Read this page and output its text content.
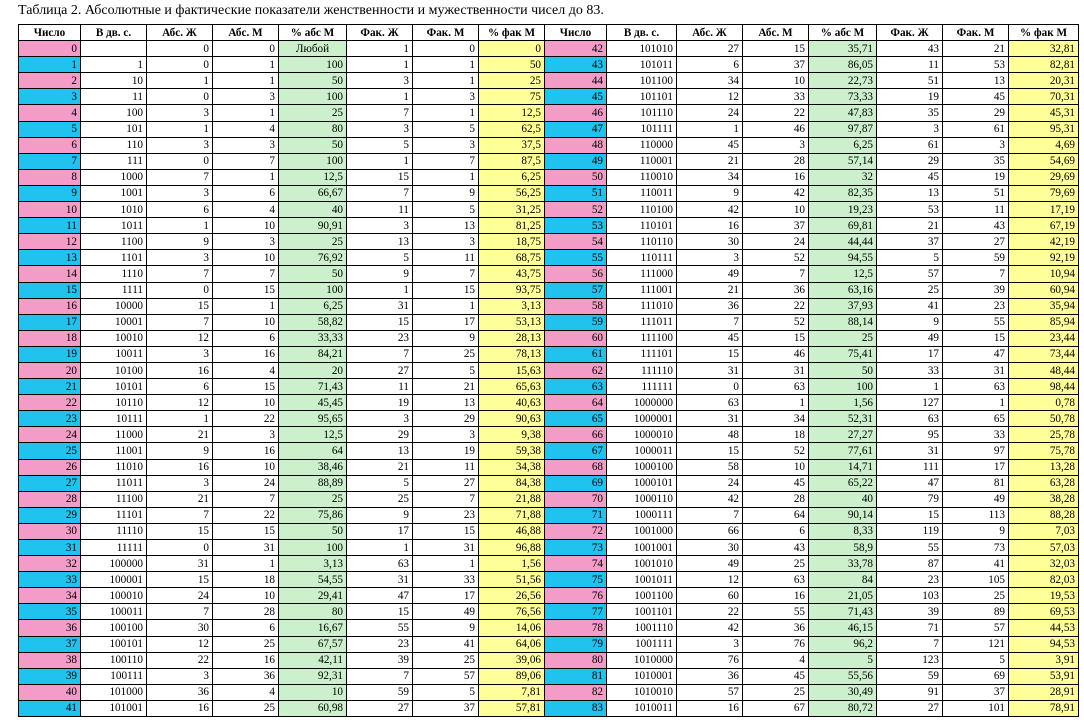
Таблица 2. Абсолютные и фактические показатели женственности и мужественности чисел до 83.
Число	В дв. с.	Абс. Ж	Абс. М	% абс М	Фак. Ж	Фак. М	% фак М	Число	В дв. с.	Абс. Ж	Абс. М	% абс М	Фак. Ж	Фак. М	% фак М
0		0	0	Любой	1	0	0	42	101010	27	15	35,71	43	21	32,81
1	1	0	1	100	1	1	50	43	101011	6	37	86,05	11	53	82,81
2	10	1	1	50	3	1	25	44	101100	34	10	22,73	51	13	20,31
3	11	0	3	100	1	3	75	45	101101	12	33	73,33	19	45	70,31
4	100	3	1	25	7	1	12,5	46	101110	24	22	47,83	35	29	45,31
5	101	1	4	80	3	5	62,5	47	101111	1	46	97,87	3	61	95,31
6	110	3	3	50	5	3	37,5	48	110000	45	3	6,25	61	3	4,69
7	111	0	7	100	1	7	87,5	49	110001	21	28	57,14	29	35	54,69
8	1000	7	1	12,5	15	1	6,25	50	110010	34	16	32	45	19	29,69
9	1001	3	6	66,67	7	9	56,25	51	110011	9	42	82,35	13	51	79,69
10	1010	6	4	40	11	5	31,25	52	110100	42	10	19,23	53	11	17,19
11	1011	1	10	90,91	3	13	81,25	53	110101	16	37	69,81	21	43	67,19
12	1100	9	3	25	13	3	18,75	54	110110	30	24	44,44	37	27	42,19
13	1101	3	10	76,92	5	11	68,75	55	110111	3	52	94,55	5	59	92,19
14	1110	7	7	50	9	7	43,75	56	111000	49	7	12,5	57	7	10,94
15	1111	0	15	100	1	15	93,75	57	111001	21	36	63,16	25	39	60,94
16	10000	15	1	6,25	31	1	3,13	58	111010	36	22	37,93	41	23	35,94
17	10001	7	10	58,82	15	17	53,13	59	111011	7	52	88,14	9	55	85,94
18	10010	12	6	33,33	23	9	28,13	60	111100	45	15	25	49	15	23,44
19	10011	3	16	84,21	7	25	78,13	61	111101	15	46	75,41	17	47	73,44
20	10100	16	4	20	27	5	15,63	62	111110	31	31	50	33	31	48,44
21	10101	6	15	71,43	11	21	65,63	63	111111	0	63	100	1	63	98,44
22	10110	12	10	45,45	19	13	40,63	64	1000000	63	1	1,56	127	1	0,78
23	10111	1	22	95,65	3	29	90,63	65	1000001	31	34	52,31	63	65	50,78
24	11000	21	3	12,5	29	3	9,38	66	1000010	48	18	27,27	95	33	25,78
25	11001	9	16	64	13	19	59,38	67	1000011	15	52	77,61	31	97	75,78
26	11010	16	10	38,46	21	11	34,38	68	1000100	58	10	14,71	111	17	13,28
27	11011	3	24	88,89	5	27	84,38	69	1000101	24	45	65,22	47	81	63,28
28	11100	21	7	25	25	7	21,88	70	1000110	42	28	40	79	49	38,28
29	11101	7	22	75,86	9	23	71,88	71	1000111	7	64	90,14	15	113	88,28
30	11110	15	15	50	17	15	46,88	72	1001000	66	6	8,33	119	9	7,03
31	11111	0	31	100	1	31	96,88	73	1001001	30	43	58,9	55	73	57,03
32	100000	31	1	3,13	63	1	1,56	74	1001010	49	25	33,78	87	41	32,03
33	100001	15	18	54,55	31	33	51,56	75	1001011	12	63	84	23	105	82,03
34	100010	24	10	29,41	47	17	26,56	76	1001100	60	16	21,05	103	25	19,53
35	100011	7	28	80	15	49	76,56	77	1001101	22	55	71,43	39	89	69,53
36	100100	30	6	16,67	55	9	14,06	78	1001110	42	36	46,15	71	57	44,53
37	100101	12	25	67,57	23	41	64,06	79	1001111	3	76	96,2	7	121	94,53
38	100110	22	16	42,11	39	25	39,06	80	1010000	76	4	5	123	5	3,91
39	100111	3	36	92,31	7	57	89,06	81	1010001	36	45	55,56	59	69	53,91
40	101000	36	4	10	59	5	7,81	82	1010010	57	25	30,49	91	37	28,91
41	101001	16	25	60,98	27	37	57,81	83	1010011	16	67	80,72	27	101	78,91
